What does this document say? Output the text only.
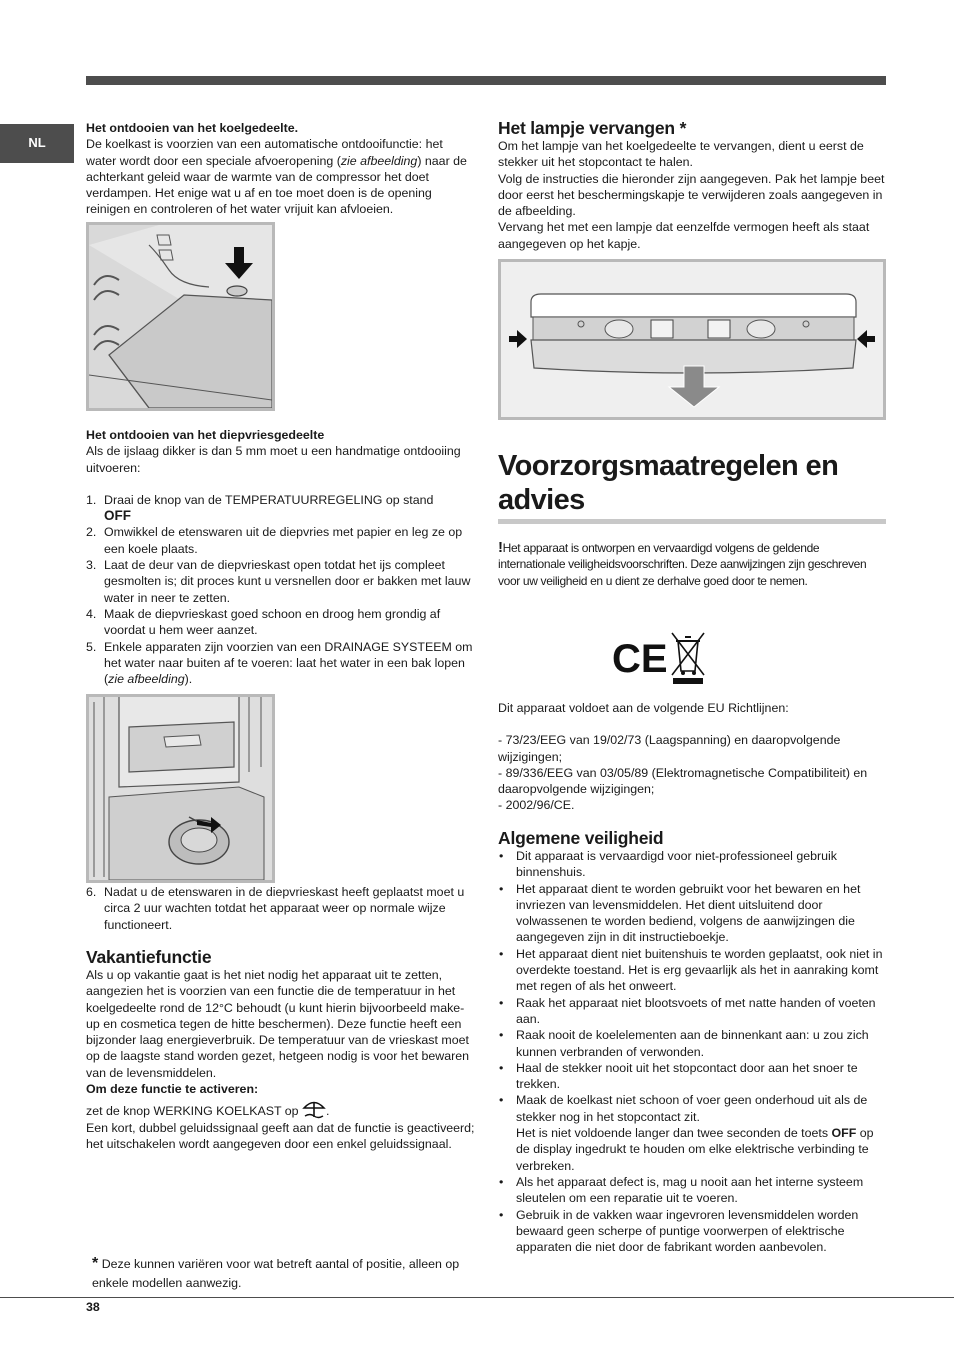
NL

Het ontdooien van het koelgedeelte.

De koelkast is voorzien van een automatische ontdooifunctie: het water wordt door een speciale afvoeropening (zie afbeelding) naar de achterkant geleid waar de warmte van de compressor het doet verdampen. Het enige wat u af en toe moet doen is de opening reinigen en controleren of het water vrijuit kan afvloeien.

Het ontdooien van het diepvriesgedeelte

Als de ijslaag dikker is dan 5 mm moet u een handmatige ontdooiing uitvoeren:

1. Draai de knop van de TEMPERATUURREGELING op stand
OFF
2. Omwikkel de etenswaren uit de diepvries met papier en leg ze op een koele plaats.
3. Laat de deur van de diepvrieskast open totdat het ijs compleet gesmolten is; dit proces kunt u versnellen door er bakken met lauw water in neer te zetten.
4. Maak de diepvrieskast goed schoon en droog hem grondig af voordat u hem weer aanzet.
5. Enkele apparaten zijn voorzien van een DRAINAGE SYSTEEM om het water naar buiten af te voeren: laat het water in een bak lopen (zie afbeelding).
6. Nadat u de etenswaren in de diepvrieskast heeft geplaatst moet u circa 2 uur wachten totdat het apparaat weer op normale wijze functioneert.
Vakantiefunctie

Als u op vakantie gaat is het niet nodig het apparaat uit te zetten, aangezien het is voorzien van een functie die de temperatuur in het koelgedeelte rond de 12°C behoudt (u kunt hierin bijvoorbeeld make-up en cosmetica tegen de hitte beschermen). Deze functie heeft een bijzonder laag energieverbruik. De temperatuur van de vrieskast moet op de laagste stand worden gezet, hetgeen nodig is voor het bewaren van de levensmiddelen.

Om deze functie te activeren:

zet de knop WERKING KOELKAST op .

Een kort, dubbel geluidssignaal geeft aan dat de functie is geactiveerd; het uitschakelen wordt aangegeven door een enkel geluidssignaal.

* Deze kunnen variëren voor wat betreft aantal of positie, alleen op enkele modellen aanwezig.
Het lampje vervangen *

Om het lampje van het koelgedeelte te vervangen, dient u eerst de stekker uit het stopcontact te halen.

Volg de instructies die hieronder zijn aangegeven. Pak het lampje beet door eerst het beschermingskapje te verwijderen zoals aangegeven in de afbeelding.

Vervang het met een lampje dat eenzelfde vermogen heeft als staat aangegeven op het kapje.

Voorzorgsmaatregelen en advies

!Het apparaat is ontworpen en vervaardigd volgens de geldende internationale veiligheidsvoorschriften. Deze aanwijzingen zijn geschreven voor uw veiligheid en u dient ze derhalve goed door te nemen.

CE

Dit apparaat voldoet aan de volgende EU Richtlijnen:

- 73/23/EEG van 19/02/73 (Laagspanning) en daaropvolgende wijzigingen;

- 89/336/EEG van 03/05/89 (Elektromagnetische Compatibiliteit) en daaropvolgende wijzigingen;

- 2002/96/CE.

Algemene veiligheid
• Dit apparaat is vervaardigd voor niet-professioneel gebruik binnenshuis.
• Het apparaat dient te worden gebruikt voor het bewaren en het invriezen van levensmiddelen. Het dient uitsluitend door volwassenen te worden bediend, volgens de aanwijzingen die aangegeven zijn in dit instructieboekje.
• Het apparaat dient niet buitenshuis te worden geplaatst, ook niet in overdekte toestand. Het is erg gevaarlijk als het in aanraking komt met regen of als het onweert.
• Raak het apparaat niet blootsvoets of met natte handen of voeten aan.
• Raak nooit de koelelementen aan de binnenkant aan: u zou zich kunnen verbranden of verwonden.
• Haal de stekker nooit uit het stopcontact door aan het snoer te trekken.
• Maak de koelkast niet schoon of voer geen onderhoud uit als de stekker nog in het stopcontact zit.
Het is niet voldoende langer dan twee seconden de toets OFF op de display ingedrukt te houden om elke elektrische verbinding te verbreken.
• Als het apparaat defect is, mag u nooit aan het interne systeem sleutelen om een reparatie uit te voeren.
• Gebruik in de vakken waar ingevroren levensmiddelen worden bewaard geen scherpe of puntige voorwerpen of elektrische apparaten die niet door de fabrikant worden aanbevolen.
38
